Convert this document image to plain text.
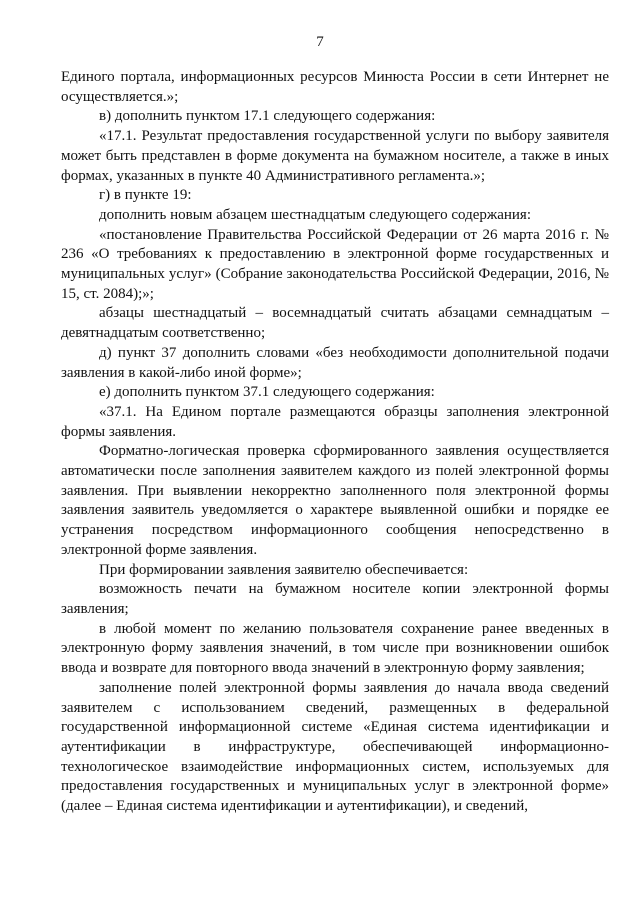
7

Единого портала, информационных ресурсов Минюста России в сети Интернет не осуществляется.»;

в) дополнить пунктом 17.1 следующего содержания:

«17.1. Результат предоставления государственной услуги по выбору заявителя может быть представлен в форме документа на бумажном носителе, а также в иных формах, указанных в пункте 40 Административного регламента.»;

г) в пункте 19:

дополнить новым абзацем шестнадцатым следующего содержания:

«постановление Правительства Российской Федерации от 26 марта 2016 г. № 236 «О требованиях к предоставлению в электронной форме государственных и муниципальных услуг» (Собрание законодательства Российской Федерации, 2016, № 15, ст. 2084);»;

абзацы шестнадцатый – восемнадцатый считать абзацами семнадцатым – девятнадцатым соответственно;

д) пункт 37 дополнить словами «без необходимости дополнительной подачи заявления в какой-либо иной форме»;

е) дополнить пунктом 37.1 следующего содержания:

«37.1. На Едином портале размещаются образцы заполнения электронной формы заявления.

Форматно-логическая проверка сформированного заявления осуществляется автоматически после заполнения заявителем каждого из полей электронной формы заявления. При выявлении некорректно заполненного поля электронной формы заявления заявитель уведомляется о характере выявленной ошибки и порядке ее устранения посредством информационного сообщения непосредственно в электронной форме заявления.

При формировании заявления заявителю обеспечивается:

возможность печати на бумажном носителе копии электронной формы заявления;

в любой момент по желанию пользователя сохранение ранее введенных в электронную форму заявления значений, в том числе при возникновении ошибок ввода и возврате для повторного ввода значений в электронную форму заявления;

заполнение полей электронной формы заявления до начала ввода сведений заявителем с использованием сведений, размещенных в федеральной государственной информационной системе «Единая система идентификации и аутентификации в инфраструктуре, обеспечивающей информационно-технологическое взаимодействие информационных систем, используемых для предоставления государственных и муниципальных услуг в электронной форме» (далее – Единая система идентификации и аутентификации), и сведений,
